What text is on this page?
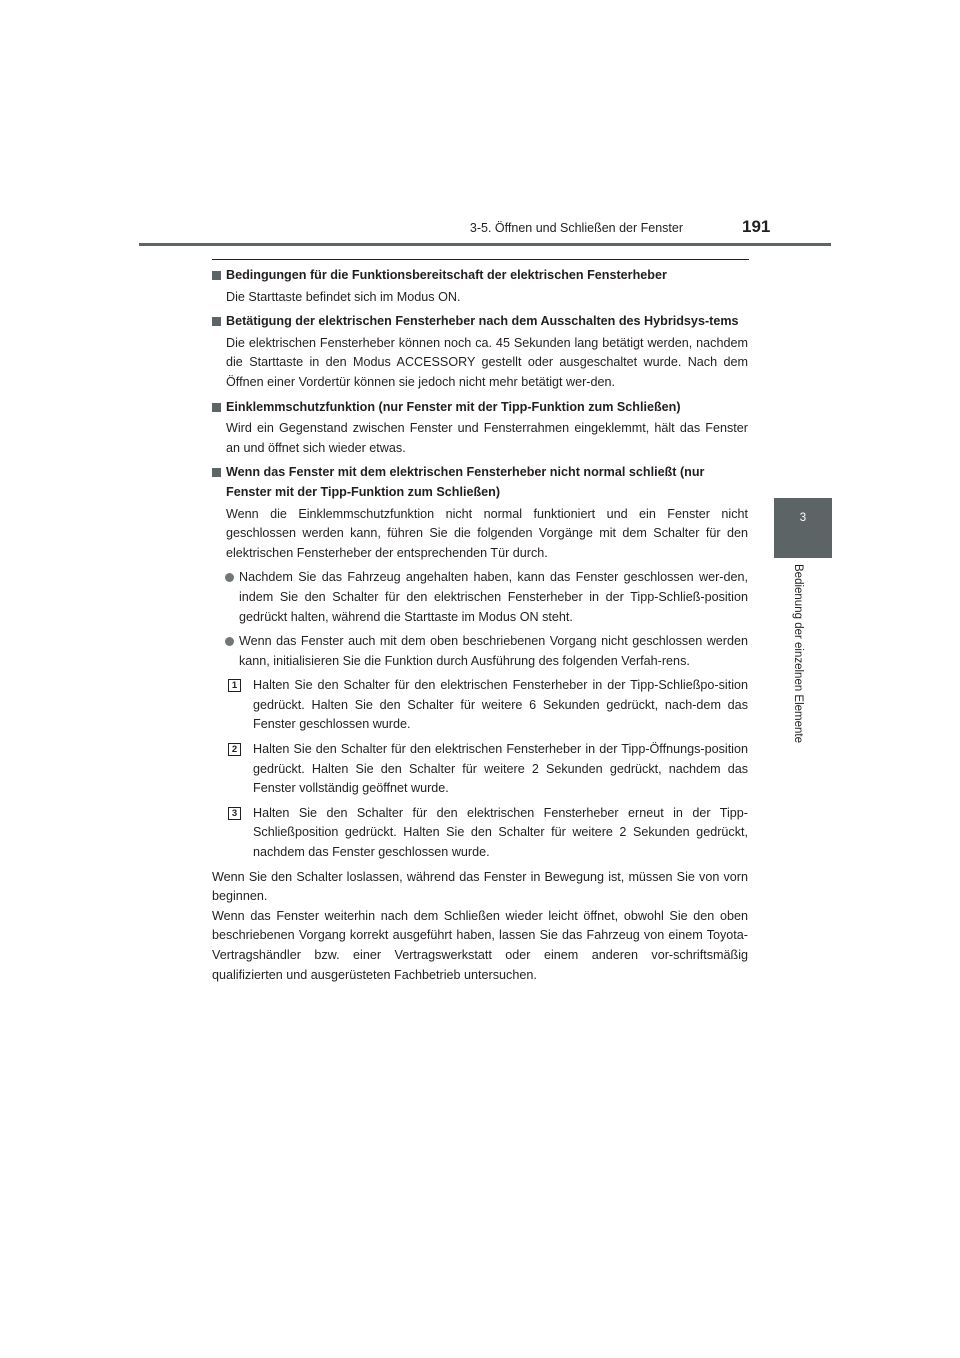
3-5. Öffnen und Schließen der Fenster	191
3
Bedienung der einzelnen Elemente

Bedingungen für die Funktionsbereitschaft der elektrischen Fensterheber

Die Starttaste befindet sich im Modus ON.

Betätigung der elektrischen Fensterheber nach dem Ausschalten des Hybridsys-tems

Die elektrischen Fensterheber können noch ca. 45 Sekunden lang betätigt werden, nachdem die Starttaste in den Modus ACCESSORY gestellt oder ausgeschaltet wurde. Nach dem Öffnen einer Vordertür können sie jedoch nicht mehr betätigt wer-den.

Einklemmschutzfunktion (nur Fenster mit der Tipp-Funktion zum Schließen)

Wird ein Gegenstand zwischen Fenster und Fensterrahmen eingeklemmt, hält das Fenster an und öffnet sich wieder etwas.

Wenn das Fenster mit dem elektrischen Fensterheber nicht normal schließt (nur Fenster mit der Tipp-Funktion zum Schließen)

Wenn die Einklemmschutzfunktion nicht normal funktioniert und ein Fenster nicht geschlossen werden kann, führen Sie die folgenden Vorgänge mit dem Schalter für den elektrischen Fensterheber der entsprechenden Tür durch.

Nachdem Sie das Fahrzeug angehalten haben, kann das Fenster geschlossen wer-den, indem Sie den Schalter für den elektrischen Fensterheber in der Tipp-Schließ-position gedrückt halten, während die Starttaste im Modus ON steht.

Wenn das Fenster auch mit dem oben beschriebenen Vorgang nicht geschlossen werden kann, initialisieren Sie die Funktion durch Ausführung des folgenden Verfah-rens.

1	Halten Sie den Schalter für den elektrischen Fensterheber in der Tipp-Schließpo-sition gedrückt. Halten Sie den Schalter für weitere 6 Sekunden gedrückt, nach-dem das Fenster geschlossen wurde.

2	Halten Sie den Schalter für den elektrischen Fensterheber in der Tipp-Öffnungs-position gedrückt. Halten Sie den Schalter für weitere 2 Sekunden gedrückt, nachdem das Fenster vollständig geöffnet wurde.

3	Halten Sie den Schalter für den elektrischen Fensterheber erneut in der Tipp-Schließposition gedrückt. Halten Sie den Schalter für weitere 2 Sekunden gedrückt, nachdem das Fenster geschlossen wurde.

Wenn Sie den Schalter loslassen, während das Fenster in Bewegung ist, müssen Sie von vorn beginnen.
Wenn das Fenster weiterhin nach dem Schließen wieder leicht öffnet, obwohl Sie den oben beschriebenen Vorgang korrekt ausgeführt haben, lassen Sie das Fahrzeug von einem Toyota-Vertragshändler bzw. einer Vertragswerkstatt oder einem anderen vor-schriftsmäßig qualifizierten und ausgerüsteten Fachbetrieb untersuchen.
